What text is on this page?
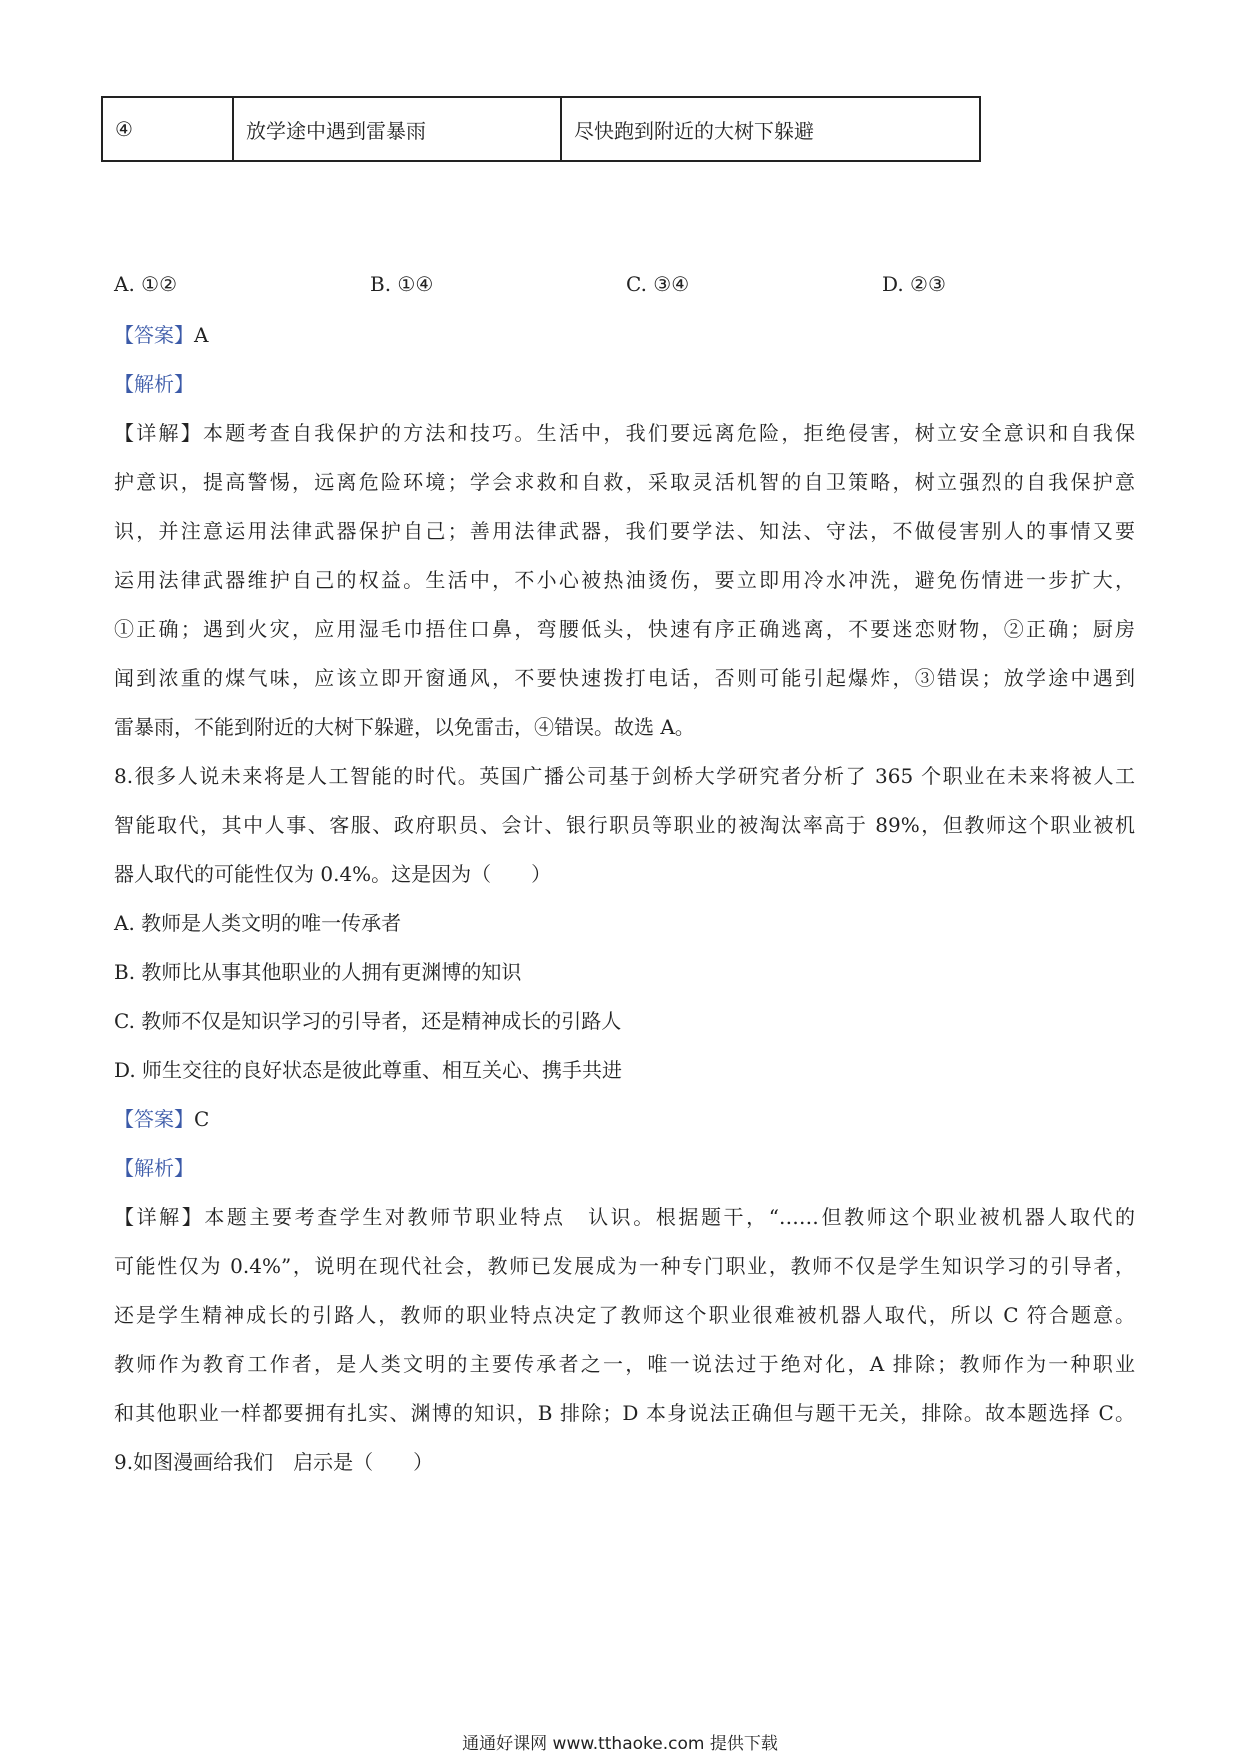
④	放学途中遇到雷暴雨	尽快跑到附近的大树下躲避
A. ①②	B. ①④	C. ③④	D. ②③
【答案】A
【解析】
【详解】本题考查自我保护的方法和技巧。生活中，我们要远离危险，拒绝侵害，树立安全意识和自我保
护意识，提高警惕，远离危险环境；学会求救和自救，采取灵活机智的自卫策略，树立强烈的自我保护意
识，并注意运用法律武器保护自己；善用法律武器，我们要学法、知法、守法，不做侵害别人的事情又要
运用法律武器维护自己的权益。生活中，不小心被热油烫伤，要立即用冷水冲洗，避免伤情进一步扩大，
①正确；遇到火灾，应用湿毛巾捂住口鼻，弯腰低头，快速有序正确逃离，不要迷恋财物，②正确；厨房
闻到浓重的煤气味，应该立即开窗通风，不要快速拨打电话，否则可能引起爆炸，③错误；放学途中遇到
雷暴雨，不能到附近的大树下躲避，以免雷击，④错误。故选 A。
8.很多人说未来将是人工智能的时代。英国广播公司基于剑桥大学研究者分析了 365 个职业在未来将被人工
智能取代，其中人事、客服、政府职员、会计、银行职员等职业的被淘汰率高于 89%，但教师这个职业被机
器人取代的可能性仅为 0.4%。这是因为（　　）
A. 教师是人类文明的唯一传承者
B. 教师比从事其他职业的人拥有更渊博的知识
C. 教师不仅是知识学习的引导者，还是精神成长的引路人
D. 师生交往的良好状态是彼此尊重、相互关心、携手共进
【答案】C
【解析】
【详解】本题主要考查学生对教师节职业特点　认识。根据题干，“……但教师这个职业被机器人取代的
可能性仅为 0.4%”，说明在现代社会，教师已发展成为一种专门职业，教师不仅是学生知识学习的引导者，
还是学生精神成长的引路人，教师的职业特点决定了教师这个职业很难被机器人取代，所以 C 符合题意。
教师作为教育工作者，是人类文明的主要传承者之一，唯一说法过于绝对化，A 排除；教师作为一种职业
和其他职业一样都要拥有扎实、渊博的知识，B 排除；D 本身说法正确但与题干无关，排除。故本题选择 C。
9.如图漫画给我们　启示是（　　）
通通好课网 www.tthaoke.com 提供下载
